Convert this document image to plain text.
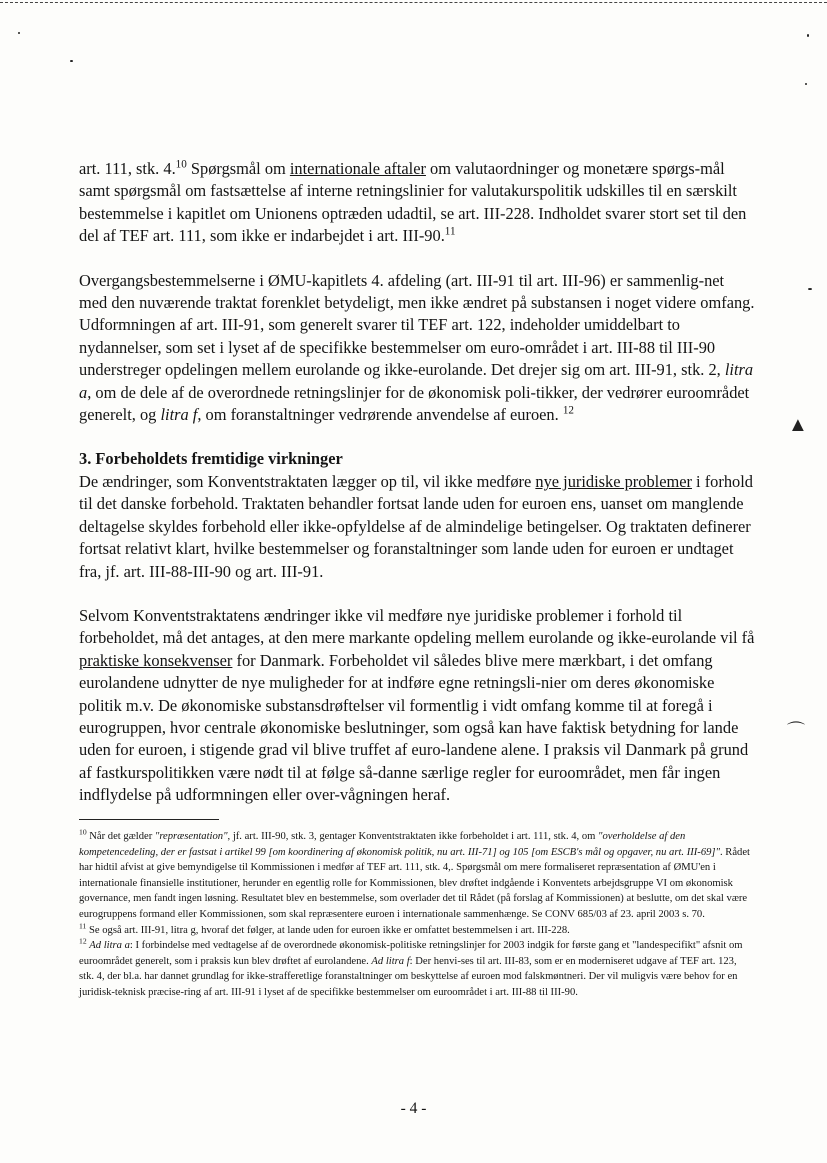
▲
⌒

art. 111, stk. 4.10 Spørgsmål om internationale aftaler om valutaordninger og monetære spørgs-mål samt spørgsmål om fastsættelse af interne retningslinier for valutakurspolitik udskilles til en særskilt bestemmelse i kapitlet om Unionens optræden udadtil, se art. III-228. Indholdet svarer stort set til den del af TEF art. 111, som ikke er indarbejdet i art. III-90.11

Overgangsbestemmelserne i ØMU-kapitlets 4. afdeling (art. III-91 til art. III-96) er sammenlig-net med den nuværende traktat forenklet betydeligt, men ikke ændret på substansen i noget videre omfang. Udformningen af art. III-91, som generelt svarer til TEF art. 122, indeholder umiddelbart to nydannelser, som set i lyset af de specifikke bestemmelser om euro-området i art. III-88 til III-90 understreger opdelingen mellem eurolande og ikke-eurolande. Det drejer sig om art. III-91, stk. 2, litra a, om de dele af de overordnede retningslinjer for de økonomisk poli-tikker, der vedrører euroområdet generelt, og litra f, om foranstaltninger vedrørende anvendelse af euroen. $^{12}$

3. Forbeholdets fremtidige virkninger

De ændringer, som Konventstraktaten lægger op til, vil ikke medføre nye juridiske problemer i forhold til det danske forbehold. Traktaten behandler fortsat lande uden for euroen ens, uanset om manglende deltagelse skyldes forbehold eller ikke-opfyldelse af de almindelige betingelser. Og traktaten definerer fortsat relativt klart, hvilke bestemmelser og foranstaltninger som lande uden for euroen er undtaget fra, jf. art. III-88-III-90 og art. III-91.

Selvom Konventstraktatens ændringer ikke vil medføre nye juridiske problemer i forhold til forbeholdet, må det antages, at den mere markante opdeling mellem eurolande og ikke-eurolande vil få praktiske konsekvenser for Danmark. Forbeholdet vil således blive mere mærkbart, i det omfang eurolandene udnytter de nye muligheder for at indføre egne retningsli-nier om deres økonomiske politik m.v. De økonomiske substansdrøftelser vil formentlig i vidt omfang komme til at foregå i eurogruppen, hvor centrale økonomiske beslutninger, som også kan have faktisk betydning for lande uden for euroen, i stigende grad vil blive truffet af euro-landene alene. I praksis vil Danmark på grund af fastkurspolitikken være nødt til at følge så-danne særlige regler for euroområdet, men får ingen indflydelse på udformningen eller over-vågningen heraf.

$^{10}$ Når det gælder "repræsentation", jf. art. III-90, stk. 3, gentager Konventstraktaten ikke forbeholdet i art. 111, stk. 4, om "overholdelse af den kompetencedeling, der er fastsat i artikel 99 [om koordinering af økonomisk politik, nu art. III-71] og 105 [om ESCB's mål og opgaver, nu art. III-69]". Rådet har hidtil afvist at give bemyndigelse til Kommissionen i medfør af TEF art. 111, stk. 4,. Spørgsmål om mere formaliseret repræsentation af ØMU'en i internationale finansielle institutioner, herunder en egentlig rolle for Kommissionen, blev drøftet indgående i Konventets arbejdsgruppe VI om økonomisk governance, men fandt ingen løsning. Resultatet blev en bestemmelse, som overlader det til Rådet (på forslag af Kommissionen) at beslutte, om det skal være eurogruppens formand eller Kommissionen, som skal repræsentere euroen i internationale sammenhænge. Se CONV 685/03 af 23. april 2003 s. 70.

$^{11}$ Se også art. III-91, litra g, hvoraf det følger, at lande uden for euroen ikke er omfattet bestemmelsen i art. III-228.

$^{12}$ Ad litra a: I forbindelse med vedtagelse af de overordnede økonomisk-politiske retningslinjer for 2003 indgik for første gang et "landespecifikt" afsnit om euroområdet generelt, som i praksis kun blev drøftet af eurolandene. Ad litra f: Der henvi-ses til art. III-83, som er en moderniseret udgave af TEF art. 123, stk. 4, der bl.a. har dannet grundlag for ikke-strafferetlige foranstaltninger om beskyttelse af euroen mod falskmøntneri. Der vil muligvis være behov for en juridisk-teknisk præcise-ring af art. III-91 i lyset af de specifikke bestemmelser om euroområdet i art. III-88 til III-90.

- 4 -
